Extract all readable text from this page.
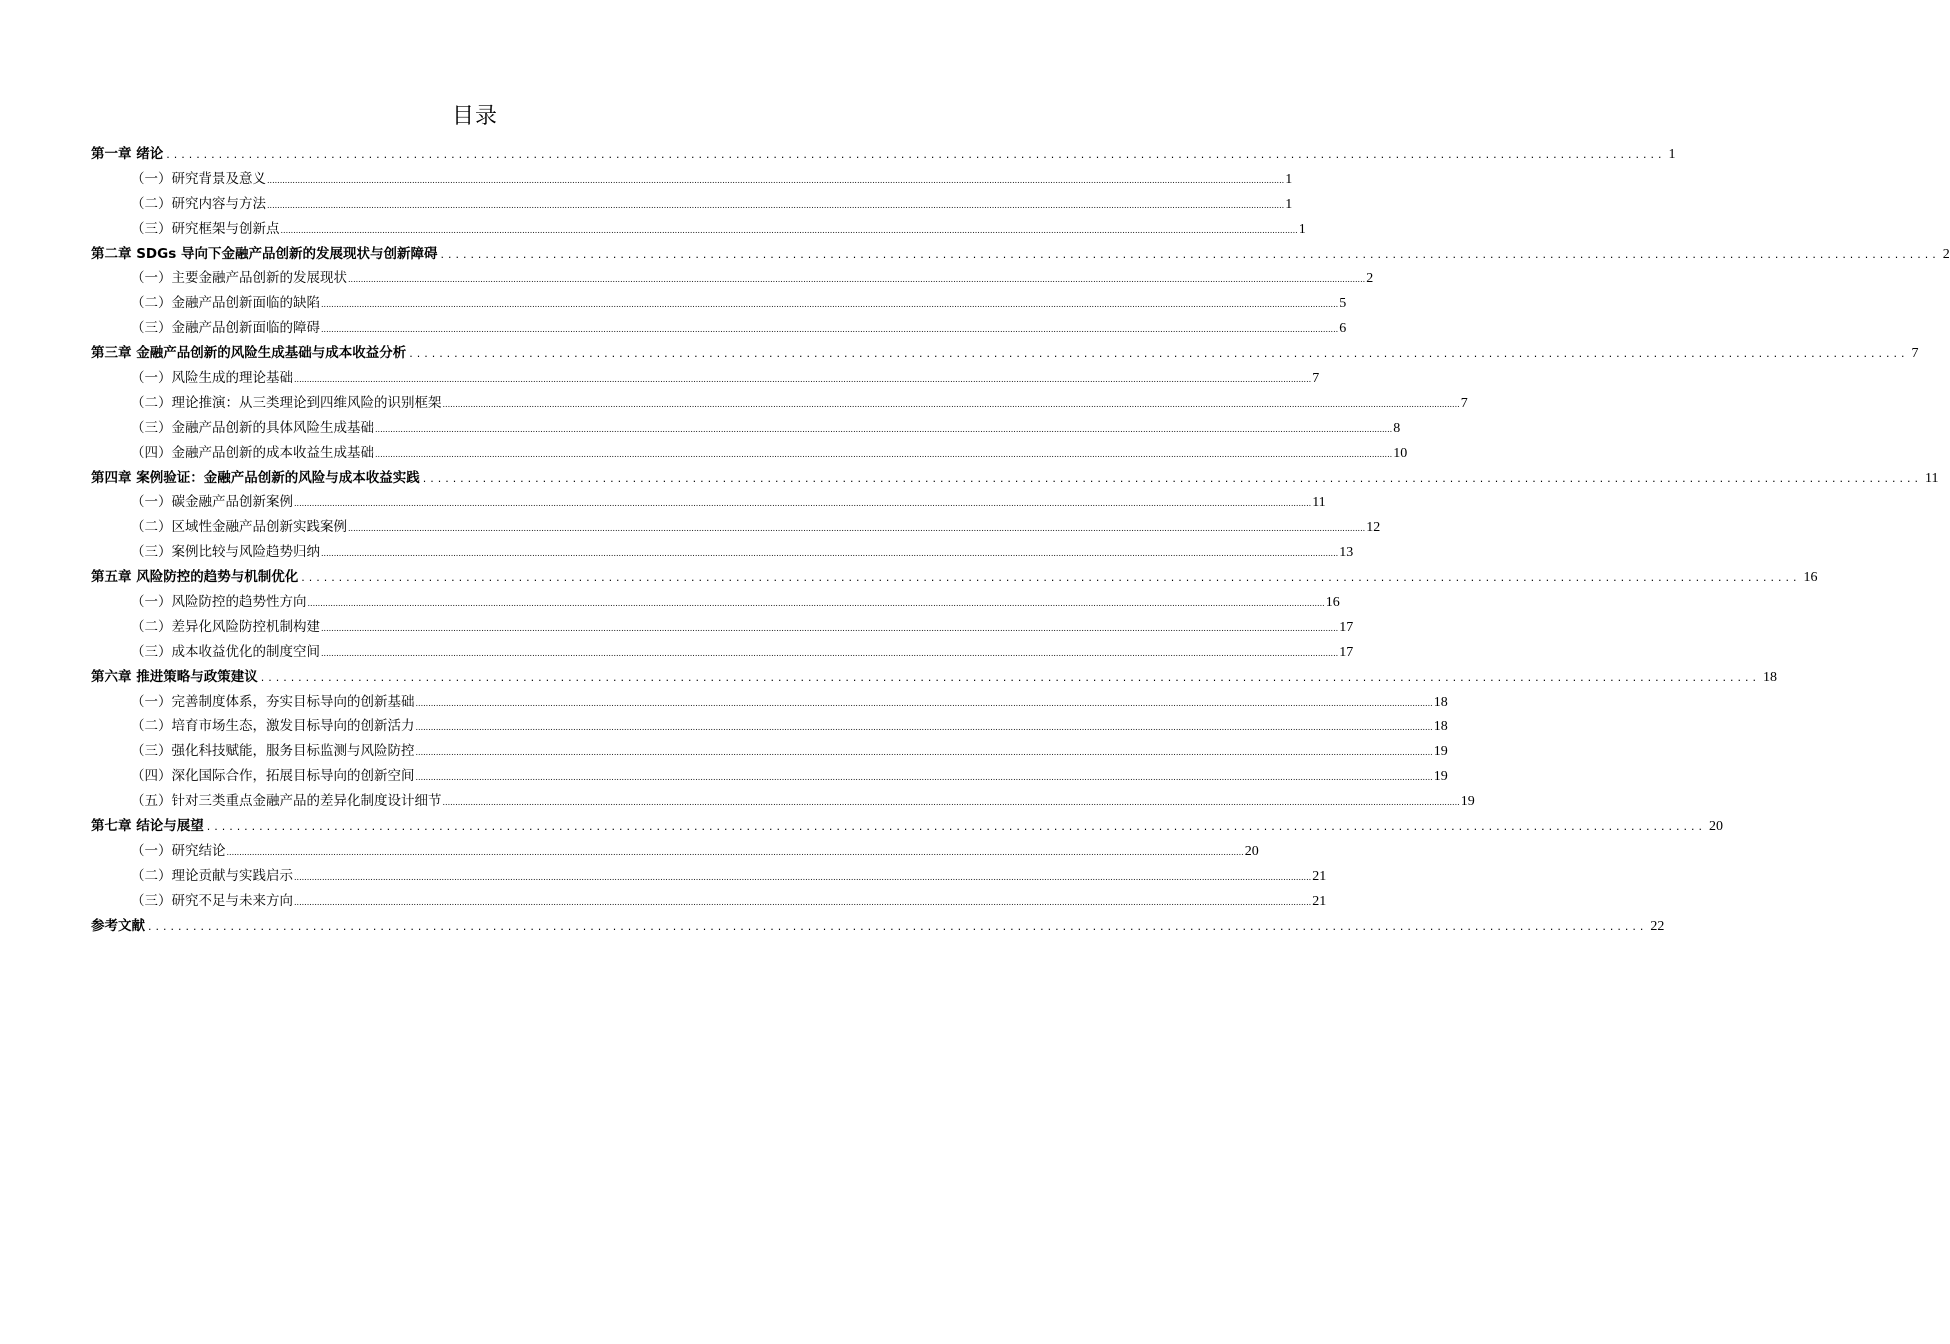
目录
第一章 绪论 ........................................................................................................................................................................................................ 1
（一）研究背景及意义 ................................................................................................................................................................................................................................................................................................................................................................................................................ 1
（二）研究内容与方法 ................................................................................................................................................................................................................................................................................................................................................................................................................ 1
（三）研究框架与创新点 ................................................................................................................................................................................................................................................................................................................................................................................................................ 1
第二章 SDGs 导向下金融产品创新的发展现状与创新障碍 ........................................................................................................................................................................................................ 2
（一）主要金融产品创新的发展现状 ................................................................................................................................................................................................................................................................................................................................................................................................................ 2
（二）金融产品创新面临的缺陷 ................................................................................................................................................................................................................................................................................................................................................................................................................ 5
（三）金融产品创新面临的障碍 ................................................................................................................................................................................................................................................................................................................................................................................................................ 6
第三章 金融产品创新的风险生成基础与成本收益分析 ........................................................................................................................................................................................................ 7
（一）风险生成的理论基础 ................................................................................................................................................................................................................................................................................................................................................................................................................ 7
（二）理论推演：从三类理论到四维风险的识别框架 ................................................................................................................................................................................................................................................................................................................................................................................................................ 7
（三）金融产品创新的具体风险生成基础 ................................................................................................................................................................................................................................................................................................................................................................................................................ 8
（四）金融产品创新的成本收益生成基础 ................................................................................................................................................................................................................................................................................................................................................................................................................ 10
第四章 案例验证：金融产品创新的风险与成本收益实践 ........................................................................................................................................................................................................ 11
（一）碳金融产品创新案例 ................................................................................................................................................................................................................................................................................................................................................................................................................ 11
（二）区域性金融产品创新实践案例 ................................................................................................................................................................................................................................................................................................................................................................................................................ 12
（三）案例比较与风险趋势归纳 ................................................................................................................................................................................................................................................................................................................................................................................................................ 13
第五章 风险防控的趋势与机制优化 ........................................................................................................................................................................................................ 16
（一）风险防控的趋势性方向 ................................................................................................................................................................................................................................................................................................................................................................................................................ 16
（二）差异化风险防控机制构建 ................................................................................................................................................................................................................................................................................................................................................................................................................ 17
（三）成本收益优化的制度空间 ................................................................................................................................................................................................................................................................................................................................................................................................................ 17
第六章 推进策略与政策建议 ........................................................................................................................................................................................................ 18
（一）完善制度体系，夯实目标导向的创新基础 ................................................................................................................................................................................................................................................................................................................................................................................................................ 18
（二）培育市场生态，激发目标导向的创新活力 ................................................................................................................................................................................................................................................................................................................................................................................................................ 18
（三）强化科技赋能，服务目标监测与风险防控 ................................................................................................................................................................................................................................................................................................................................................................................................................ 19
（四）深化国际合作，拓展目标导向的创新空间 ................................................................................................................................................................................................................................................................................................................................................................................................................ 19
（五）针对三类重点金融产品的差异化制度设计细节 ................................................................................................................................................................................................................................................................................................................................................................................................................ 19
第七章 结论与展望 ........................................................................................................................................................................................................ 20
（一）研究结论 ................................................................................................................................................................................................................................................................................................................................................................................................................ 20
（二）理论贡献与实践启示 ................................................................................................................................................................................................................................................................................................................................................................................................................ 21
（三）研究不足与未来方向 ................................................................................................................................................................................................................................................................................................................................................................................................................ 21
参考文献 ........................................................................................................................................................................................................ 22
